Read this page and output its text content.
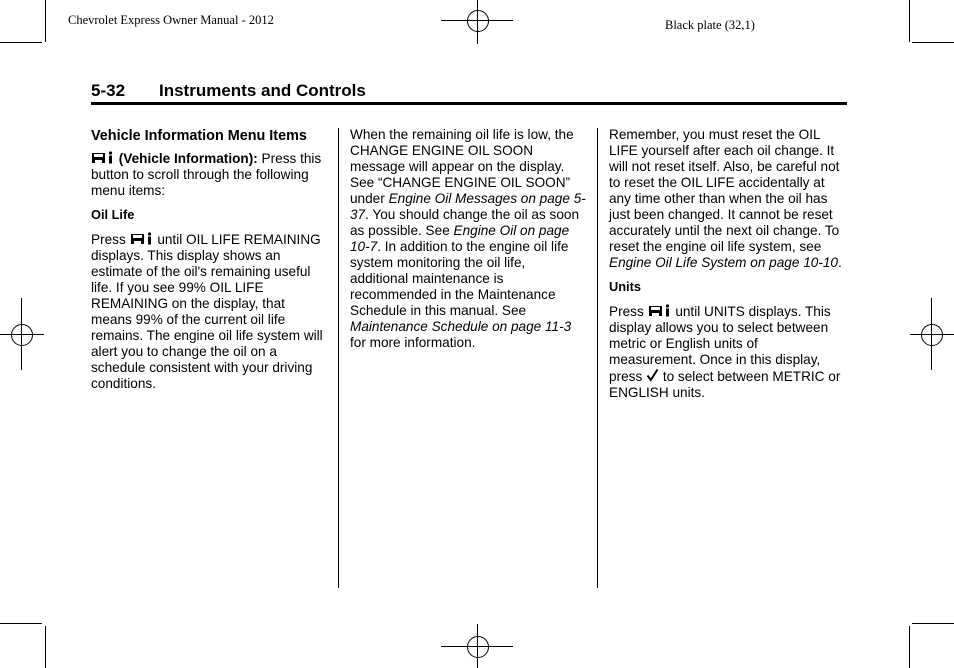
Chevrolet Express Owner Manual - 2012	Black plate (32,1)
5-32 Instruments and Controls
Vehicle Information Menu Items

(Vehicle Information): Press this button to scroll through the following menu items:

Oil Life

Press until OIL LIFE REMAINING displays. This display shows an estimate of the oil's remaining useful life. If you see 99% OIL LIFE REMAINING on the display, that means 99% of the current oil life remains. The engine oil life system will alert you to change the oil on a schedule consistent with your driving conditions.

When the remaining oil life is low, the CHANGE ENGINE OIL SOON message will appear on the display. See “CHANGE ENGINE OIL SOON” under Engine Oil Messages on page 5-37. You should change the oil as soon as possible. See Engine Oil on page 10-7. In addition to the engine oil life system monitoring the oil life, additional maintenance is recommended in the Maintenance Schedule in this manual. See Maintenance Schedule on page 11-3 for more information.

Remember, you must reset the OIL LIFE yourself after each oil change. It will not reset itself. Also, be careful not to reset the OIL LIFE accidentally at any time other than when the oil has just been changed. It cannot be reset accurately until the next oil change. To reset the engine oil life system, see Engine Oil Life System on page 10-10.

Units

Press until UNITS displays. This display allows you to select between metric or English units of measurement. Once in this display, press to select between METRIC or ENGLISH units.
